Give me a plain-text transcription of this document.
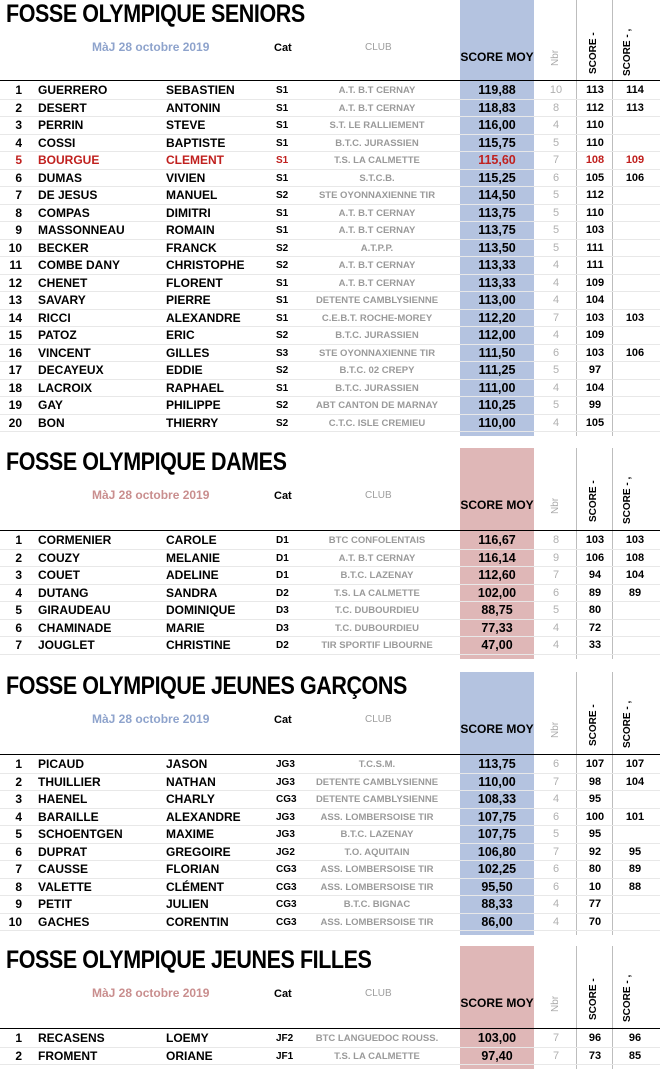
FOSSE OLYMPIQUE SENIORS
MàJ 28 octobre 2019	Cat	CLUB
SCORE MOY Nbr	SCORE - SCORE - ,
1 GUERRERO	SEBASTIEN	S1	A.T. B.T CERNAY	119,88	10	113	114
2 DESERT	ANTONIN	S1	A.T. B.T CERNAY	118,83	8	112	113
3 PERRIN	STEVE	S1	S.T. LE RALLIEMENT	116,00	4	110
4 COSSI	BAPTISTE	S1	B.T.C. JURASSIEN	115,75	5	110
5 BOURGUE	CLEMENT	S1	T.S. LA CALMETTE	115,60	7	108	109
6 DUMAS	VIVIEN	S1	S.T.C.B.	115,25	6	105	106
7 DE JESUS	MANUEL	S2	STE OYONNAXIENNE TIR	114,50	5	112
8 COMPAS	DIMITRI	S1	A.T. B.T CERNAY	113,75	5	110
9 MASSONNEAU	ROMAIN	S1	A.T. B.T CERNAY	113,75	5	103
10 BECKER	FRANCK	S2	A.T.P.P.	113,50	5	111
11 COMBE DANY	CHRISTOPHE	S2	A.T. B.T CERNAY	113,33	4	111
12 CHENET	FLORENT	S1	A.T. B.T CERNAY	113,33	4	109
13 SAVARY	PIERRE	S1	DETENTE CAMBLYSIENNE	113,00	4	104
14 RICCI	ALEXANDRE	S1	C.E.B.T. ROCHE-MOREY	112,20	7	103	103
15 PATOZ	ERIC	S2	B.T.C. JURASSIEN	112,00	4	109
16 VINCENT	GILLES	S3	STE OYONNAXIENNE TIR	111,50	6	103	106
17 DECAYEUX	EDDIE	S2	B.T.C. 02 CREPY	111,25	5	97
18 LACROIX	RAPHAEL	S1	B.T.C. JURASSIEN	111,00	4	104
19 GAY	PHILIPPE	S2	ABT CANTON DE MARNAY	110,25	5	99
20 BON	THIERRY	S2	C.T.C. ISLE CREMIEU	110,00	4	105
FOSSE OLYMPIQUE DAMES
MàJ 28 octobre 2019	Cat	CLUB
SCORE MOY Nbr	SCORE - SCORE - ,
1 CORMENIER	CAROLE	D1	BTC CONFOLENTAIS	116,67	8	103	103
2 COUZY	MELANIE	D1	A.T. B.T CERNAY	116,14	9	106	108
3 COUET	ADELINE	D1	B.T.C. LAZENAY	112,60	7	94	104
4 DUTANG	SANDRA	D2	T.S. LA CALMETTE	102,00	6	89	89
5 GIRAUDEAU	DOMINIQUE	D3	T.C. DUBOURDIEU	88,75	5	80
6 CHAMINADE	MARIE	D3	T.C. DUBOURDIEU	77,33	4	72
7 JOUGLET	CHRISTINE	D2	TIR SPORTIF LIBOURNE	47,00	4	33
FOSSE OLYMPIQUE JEUNES GARÇONS
MàJ 28 octobre 2019	Cat	CLUB
SCORE MOY Nbr	SCORE - SCORE - ,
1 PICAUD	JASON	JG3	T.C.S.M.	113,75	6	107	107
2 THUILLIER	NATHAN	JG3	DETENTE CAMBLYSIENNE	110,00	7	98	104
3 HAENEL	CHARLY	CG3	DETENTE CAMBLYSIENNE	108,33	4	95
4 BARAILLE	ALEXANDRE	JG3	ASS. LOMBERSOISE TIR	107,75	6	100	101
5 SCHOENTGEN	MAXIME	JG3	B.T.C. LAZENAY	107,75	5	95
6 DUPRAT	GREGOIRE	JG2	T.O. AQUITAIN	106,80	7	92	95
7 CAUSSE	FLORIAN	CG3	ASS. LOMBERSOISE TIR	102,25	6	80	89
8 VALETTE	CLÉMENT	CG3	ASS. LOMBERSOISE TIR	95,50	6	10	88
9 PETIT	JULIEN	CG3	B.T.C. BIGNAC	88,33	4	77
10 GACHES	CORENTIN	CG3	ASS. LOMBERSOISE TIR	86,00	4	70
FOSSE OLYMPIQUE JEUNES FILLES
MàJ 28 octobre 2019	Cat	CLUB
SCORE MOY Nbr	SCORE - SCORE - ,
1 RECASENS	LOEMY	JF2	BTC LANGUEDOC ROUSS.	103,00	7	96	96
2 FROMENT	ORIANE	JF1	T.S. LA CALMETTE	97,40	7	73	85
